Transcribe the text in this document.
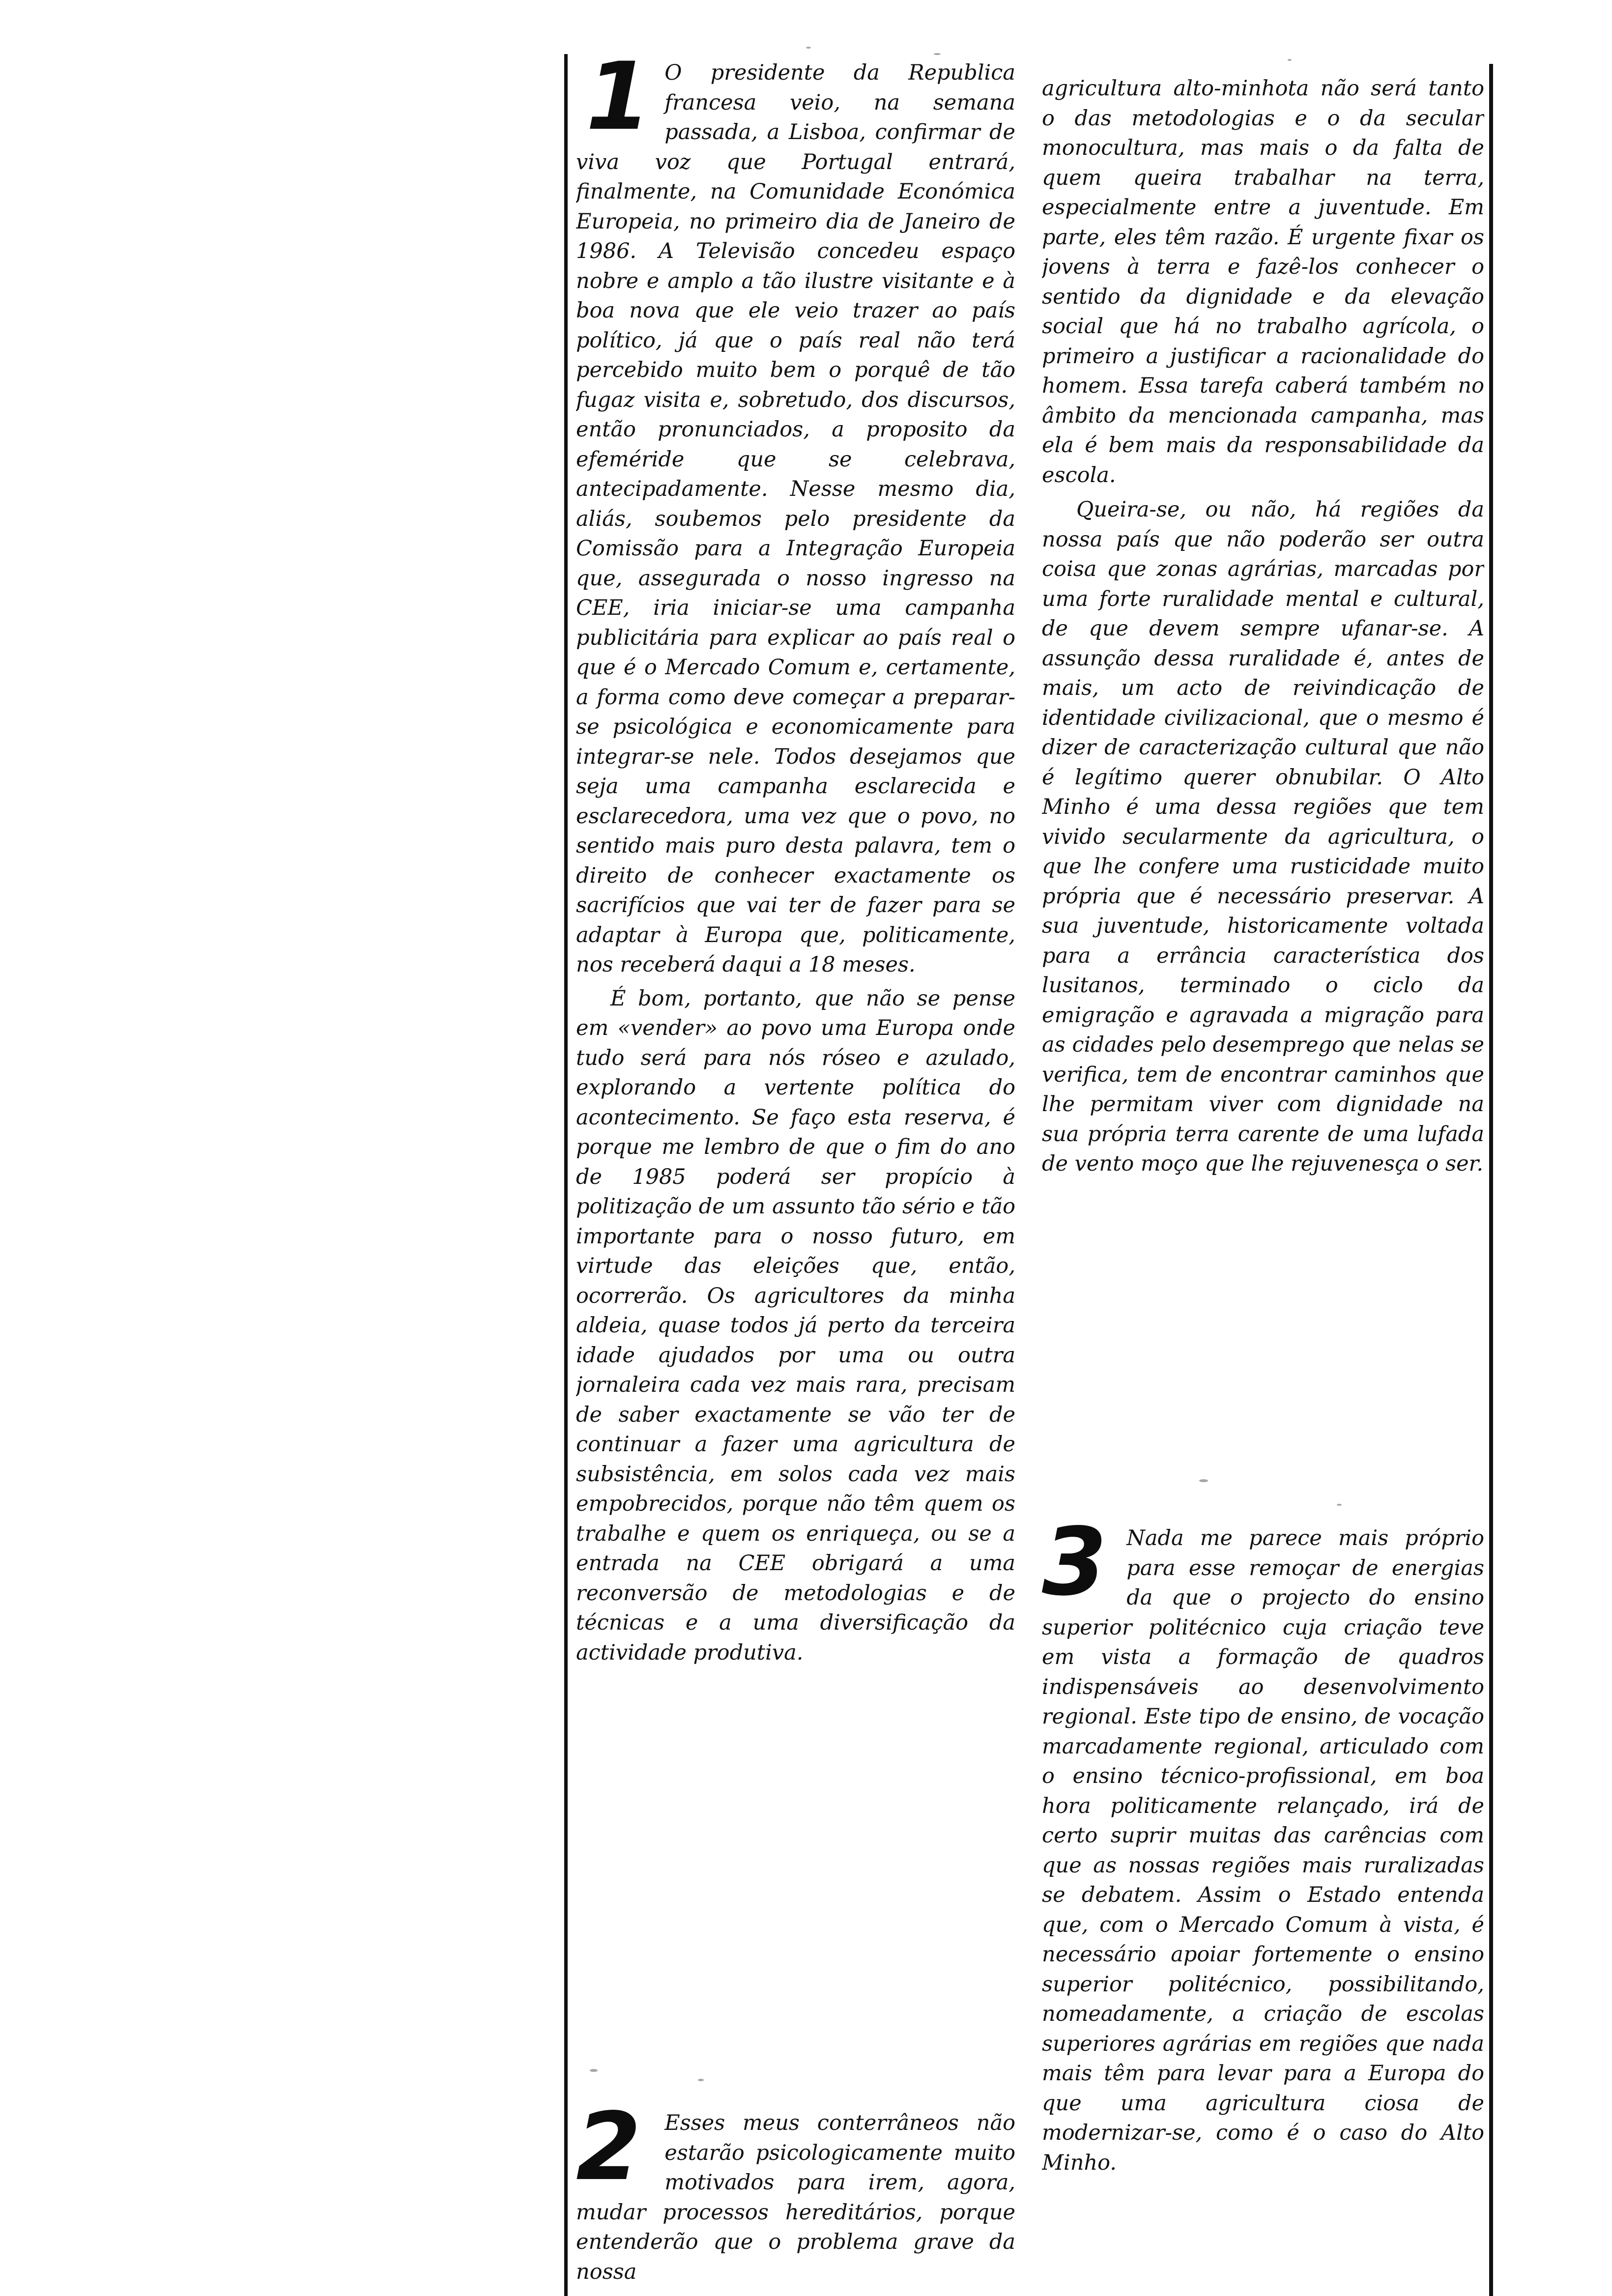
1 O presidente da Republica francesa veio, na semana passada, a Lisboa, confirmar de viva voz que Portugal entrará, finalmente, na Comunidade Económica Europeia, no primeiro dia de Janeiro de 1986. A Televisão concedeu espaço nobre e amplo a tão ilustre visitante e à boa nova que ele veio trazer ao país político, já que o país real não terá percebido muito bem o porquê de tão fugaz visita e, sobretudo, dos discursos, então pronunciados, a proposito da efeméride que se celebrava, antecipadamente. Nesse mesmo dia, aliás, soubemos pelo presidente da Comissão para a Integração Europeia que, assegurada o nosso ingresso na CEE, iria iniciar-se uma campanha publicitária para explicar ao país real o que é o Mercado Comum e, certamente, a forma como deve começar a preparar-se psicológica e economicamente para integrar-se nele. Todos desejamos que seja uma campanha esclarecida e esclarecedora, uma vez que o povo, no sentido mais puro desta palavra, tem o direito de conhecer exactamente os sacrifícios que vai ter de fazer para se adaptar à Europa que, politicamente, nos receberá daqui a 18 meses.

É bom, portanto, que não se pense em «vender» ao povo uma Europa onde tudo será para nós róseo e azulado, explorando a vertente política do acontecimento. Se faço esta reserva, é porque me lembro de que o fim do ano de 1985 poderá ser propício à politização de um assunto tão sério e tão importante para o nosso futuro, em virtude das eleições que, então, ocorrerão. Os agricultores da minha aldeia, quase todos já perto da terceira idade ajudados por uma ou outra jornaleira cada vez mais rara, precisam de saber exactamente se vão ter de continuar a fazer uma agricultura de subsistência, em solos cada vez mais empobrecidos, porque não têm quem os trabalhe e quem os enriqueça, ou se a entrada na CEE obrigará a uma reconversão de metodologias e de técnicas e a uma diversificação da actividade produtiva.

2	Esses meus conterrâneos não estarão psicologicamente muito motivados para irem, agora, mudar processos hereditários, porque entenderão que o problema grave da nossa

agricultura alto-minhota não será tanto o das metodologias e o da secular monocultura, mas mais o da falta de quem queira trabalhar na terra, especialmente entre a juventude. Em parte, eles têm razão. É urgente fixar os jovens à terra e fazê-los conhecer o sentido da dignidade e da elevação social que há no trabalho agrícola, o primeiro a justificar a racionalidade do homem. Essa tarefa caberá também no âmbito da mencionada campanha, mas ela é bem mais da responsabilidade da escola.

Queira-se, ou não, há regiões da nossa país que não poderão ser outra coisa que zonas agrárias, marcadas por uma forte ruralidade mental e cultural, de que devem sempre ufanar-se. A assunção dessa ruralidade é, antes de mais, um acto de reivindicação de identidade civilizacional, que o mesmo é dizer de caracterização cultural que não é legítimo querer obnubilar. O Alto Minho é uma dessa regiões que tem vivido secularmente da agricultura, o que lhe confere uma rusticidade muito própria que é necessário preservar. A sua juventude, historicamente voltada para a errância característica dos lusitanos, terminado o ciclo da emigração e agravada a migração para as cidades pelo desemprego que nelas se verifica, tem de encontrar caminhos que lhe permitam viver com dignidade na sua própria terra carente de uma lufada de vento moço que lhe rejuvenesça o ser.

3 Nada me parece mais próprio para esse remoçar de energias da que o projecto do ensino superior politécnico cuja criação teve em vista a formação de quadros indispensáveis ao desenvolvimento regional. Este tipo de ensino, de vocação marcadamente regional, articulado com o ensino técnico-profissional, em boa hora politicamente relançado, irá de certo suprir muitas das carências com que as nossas regiões mais ruralizadas se debatem. Assim o Estado entenda que, com o Mercado Comum à vista, é necessário apoiar fortemente o ensino superior politécnico, possibilitando, nomeadamente, a criação de escolas superiores agrárias em regiões que nada mais têm para levar para a Europa do que uma agricultura ciosa de modernizar-se, como é o caso do Alto Minho.
